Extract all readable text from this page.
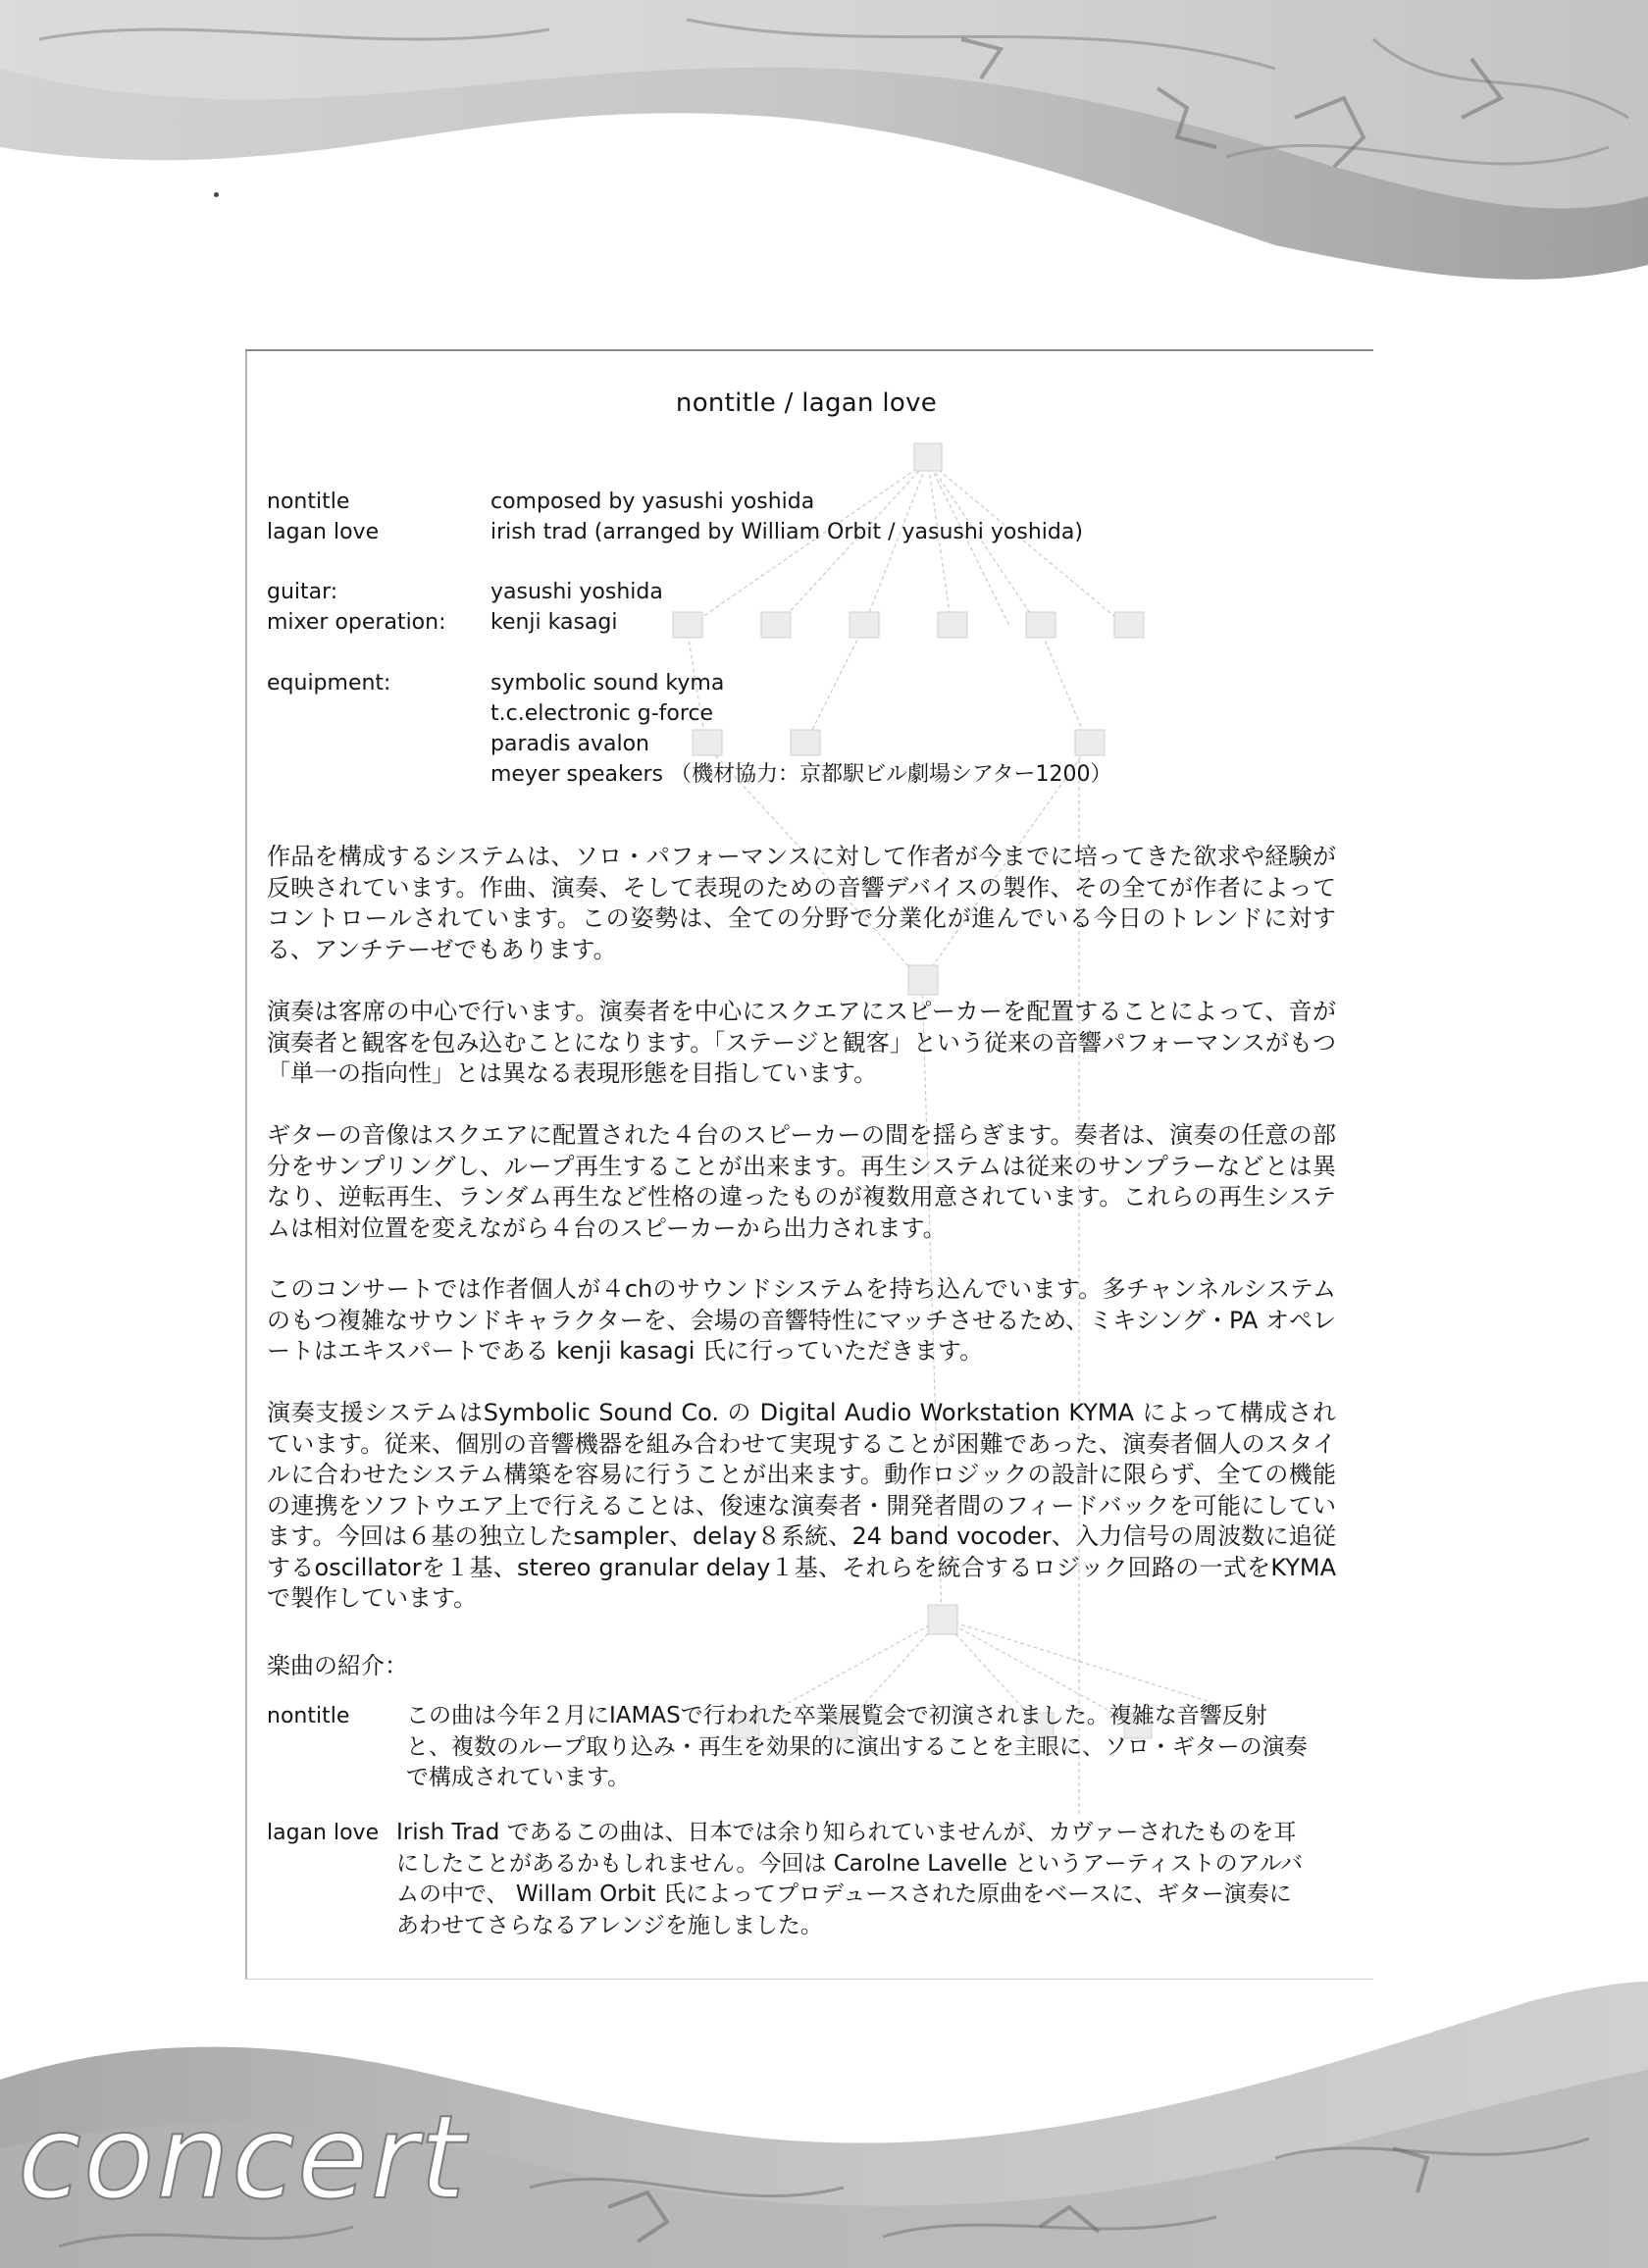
nontitle / lagan love
nontitle	composed by yasushi yoshida
lagan love	irish trad (arranged by William Orbit / yasushi yoshida)
guitar:	yasushi yoshida
mixer operation: kenji kasagi
equipment:	symbolic sound kyma
t.c.electronic g-force
paradis avalon
meyer speakers （機材協力：京都駅ビル劇場シアター1200）

作品を構成するシステムは、ソロ・パフォーマンスに対して作者が今までに培ってきた欲求や経験が反映されています。作曲、演奏、そして表現のための音響デバイスの製作、その全てが作者によってコントロールされています。この姿勢は、全ての分野で分業化が進んでいる今日のトレンドに対する、アンチテーゼでもあります。

演奏は客席の中心で行います。演奏者を中心にスクエアにスピーカーを配置することによって、音が演奏者と観客を包み込むことになります。「ステージと観客」という従来の音響パフォーマンスがもつ「単一の指向性」とは異なる表現形態を目指しています。

ギターの音像はスクエアに配置された４台のスピーカーの間を揺らぎます。奏者は、演奏の任意の部分をサンプリングし、ループ再生することが出来ます。再生システムは従来のサンプラーなどとは異なり、逆転再生、ランダム再生など性格の違ったものが複数用意されています。これらの再生システムは相対位置を変えながら４台のスピーカーから出力されます。

このコンサートでは作者個人が４chのサウンドシステムを持ち込んでいます。多チャンネルシステムのもつ複雑なサウンドキャラクターを、会場の音響特性にマッチさせるため、ミキシング・PA オペレートはエキスパートである kenji kasagi 氏に行っていただきます。

演奏支援システムはSymbolic Sound Co. の Digital Audio Workstation KYMA によって構成されています。従来、個別の音響機器を組み合わせて実現することが困難であった、演奏者個人のスタイルに合わせたシステム構築を容易に行うことが出来ます。動作ロジックの設計に限らず、全ての機能の連携をソフトウエア上で行えることは、俊速な演奏者・開発者間のフィードバックを可能にしています。今回は６基の独立したsampler、delay８系統、24 band vocoder、入力信号の周波数に追従するoscillatorを１基、stereo granular delay１基、それらを統合するロジック回路の一式をKYMAで製作しています。

楽曲の紹介：
nontitle	この曲は今年２月にIAMASで行われた卒業展覧会で初演されました。複雑な音響反射と、複数のループ取り込み・再生を効果的に演出することを主眼に、ソロ・ギターの演奏で構成されています。
lagan love Irish Trad であるこの曲は、日本では余り知られていませんが、カヴァーされたものを耳にしたことがあるかもしれません。今回は Carolne Lavelle というアーティストのアルバムの中で、 Willam Orbit 氏によってプロデュースされた原曲をベースに、ギター演奏にあわせてさらなるアレンジを施しました。
concert
